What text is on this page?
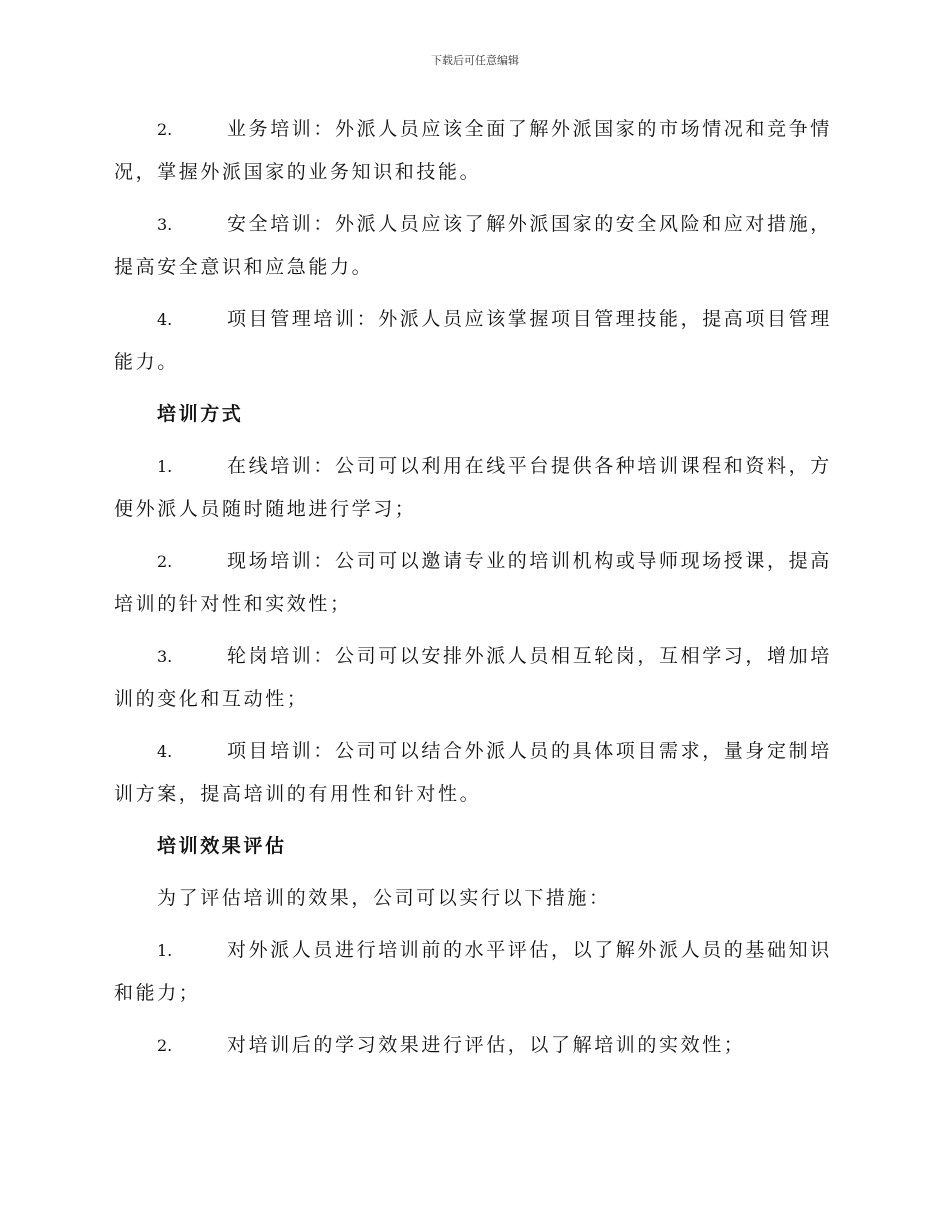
下载后可任意编辑

2.	业务培训：外派人员应该全面了解外派国家的市场情况和竞争情况，掌握外派国家的业务知识和技能。

3.	安全培训：外派人员应该了解外派国家的安全风险和应对措施，提高安全意识和应急能力。

4.	项目管理培训：外派人员应该掌握项目管理技能，提高项目管理能力。

培训方式

1.	在线培训：公司可以利用在线平台提供各种培训课程和资料，方便外派人员随时随地进行学习；

2.	现场培训：公司可以邀请专业的培训机构或导师现场授课，提高培训的针对性和实效性；

3.	轮岗培训：公司可以安排外派人员相互轮岗，互相学习，增加培训的变化和互动性；

4.	项目培训：公司可以结合外派人员的具体项目需求，量身定制培训方案，提高培训的有用性和针对性。

培训效果评估

为了评估培训的效果，公司可以实行以下措施：

1.	对外派人员进行培训前的水平评估，以了解外派人员的基础知识和能力；

2.	对培训后的学习效果进行评估，以了解培训的实效性；
